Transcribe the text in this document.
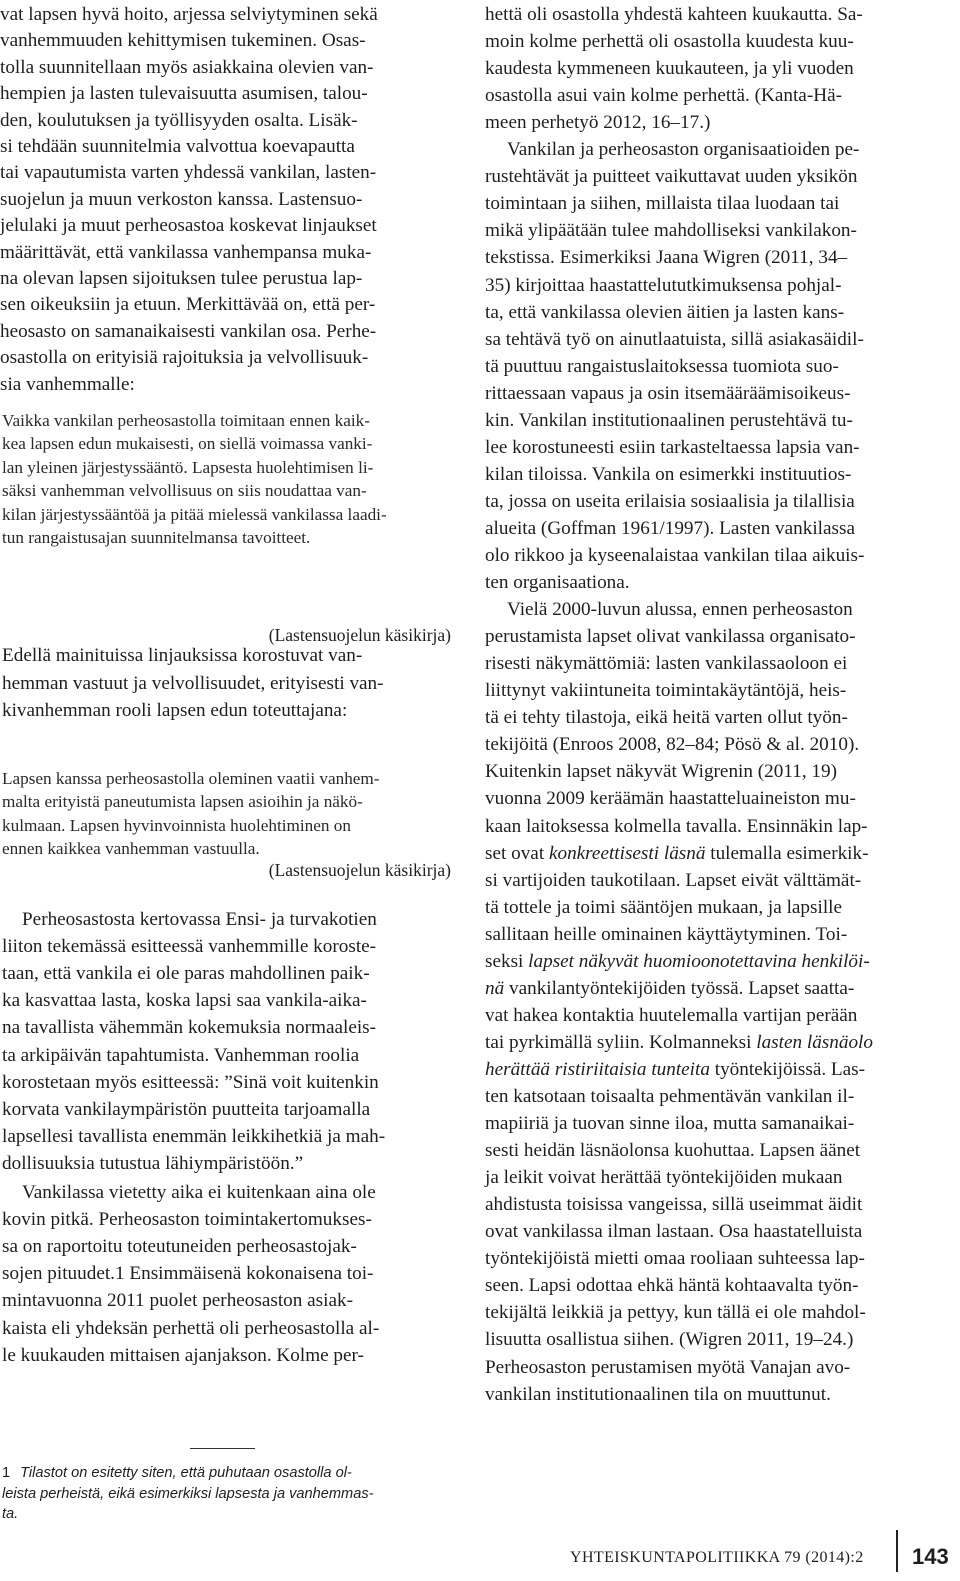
vat lapsen hyvä hoito, arjessa selviytyminen sekä
vanhemmuuden kehittymisen tukeminen. Osas-
tolla suunnitellaan myös asiakkaina olevien van-
hempien ja lasten tulevaisuutta asumisen, talou-
den, koulutuksen ja työllisyyden osalta. Lisäk-
si tehdään suunnitelmia valvottua koevapautta
tai vapautumista varten yhdessä vankilan, lasten-
suojelun ja muun verkoston kanssa. Lastensuo-
jelulaki ja muut perheosastoa koskevat linjaukset
määrittävät, että vankilassa vanhempansa muka-
na olevan lapsen sijoituksen tulee perustua lap-
sen oikeuksiin ja etuun. Merkittävää on, että per-
heosasto on samanaikaisesti vankilan osa. Perhe-
osastolla on erityisiä rajoituksia ja velvollisuuk-
sia vanhemmalle:
Vaikka vankilan perheosastolla toimitaan ennen kaik-
kea lapsen edun mukaisesti, on siellä voimassa vanki-
lan yleinen järjestyssääntö. Lapsesta huolehtimisen li-
säksi vanhemman velvollisuus on siis noudattaa van-
kilan järjestyssääntöä ja pitää mielessä vankilassa laadi-
tun rangaistusajan suunnitelmansa tavoitteet.
(Lastensuojelun käsikirja)
Edellä mainituissa linjauksissa korostuvat van-
hemman vastuut ja velvollisuudet, erityisesti van-
kivanhemman rooli lapsen edun toteuttajana:
Lapsen kanssa perheosastolla oleminen vaatii vanhem-
malta erityistä paneutumista lapsen asioihin ja näkö-
kulmaan. Lapsen hyvinvoinnista huolehtiminen on
ennen kaikkea vanhemman vastuulla.
(Lastensuojelun käsikirja)
Perheosastosta kertovassa Ensi- ja turvakotien
liiton tekemässä esitteessä vanhemmille koroste-
taan, että vankila ei ole paras mahdollinen paik-
ka kasvattaa lasta, koska lapsi saa vankila-aika-
na tavallista vähemmän kokemuksia normaaleis-
ta arkipäivän tapahtumista. Vanhemman roolia
korostetaan myös esitteessä: ”Sinä voit kuitenkin
korvata vankilaympäristön puutteita tarjoamalla
lapsellesi tavallista enemmän leikkihetkiä ja mah-
dollisuuksia tutustua lähiympäristöön.”
Vankilassa vietetty aika ei kuitenkaan aina ole
kovin pitkä. Perheosaston toimintakertomukses-
sa on raportoitu toteutuneiden perheosastojak-
sojen pituudet.1 Ensimmäisenä kokonaisena toi-
mintavuonna 2011 puolet perheosaston asiak-
kaista eli yhdeksän perhettä oli perheosastolla al-
le kuukauden mittaisen ajanjakson. Kolme per-
1 Tilastot on esitetty siten, että puhutaan osastolla ol-
leista perheistä, eikä esimerkiksi lapsesta ja vanhemmas-
ta.
hettä oli osastolla yhdestä kahteen kuukautta. Sa-
moin kolme perhettä oli osastolla kuudesta kuu-
kaudesta kymmeneen kuukauteen, ja yli vuoden
osastolla asui vain kolme perhettä. (Kanta-Hä-
meen perhetyö 2012, 16–17.)
Vankilan ja perheosaston organisaatioiden pe-
rustehtävät ja puitteet vaikuttavat uuden yksikön
toimintaan ja siihen, millaista tilaa luodaan tai
mikä ylipäätään tulee mahdolliseksi vankilakon-
tekstissa. Esimerkiksi Jaana Wigren (2011, 34–
35) kirjoittaa haastattelututkimuksensa pohjal-
ta, että vankilassa olevien äitien ja lasten kans-
sa tehtävä työ on ainutlaatuista, sillä asiakasäidil-
tä puuttuu rangaistuslaitoksessa tuomiota suo-
rittaessaan vapaus ja osin itsemääräämisoikeus-
kin. Vankilan institutionaalinen perustehtävä tu-
lee korostuneesti esiin tarkasteltaessa lapsia van-
kilan tiloissa. Vankila on esimerkki instituutios-
ta, jossa on useita erilaisia sosiaalisia ja tilallisia
alueita (Goffman 1961/1997). Lasten vankilassa
olo rikkoo ja kyseenalaistaa vankilan tilaa aikuis-
ten organisaationa.
Vielä 2000-luvun alussa, ennen perheosaston
perustamista lapset olivat vankilassa organisato-
risesti näkymättömiä: lasten vankilassaoloon ei
liittynyt vakiintuneita toimintakäytäntöjä, heis-
tä ei tehty tilastoja, eikä heitä varten ollut työn-
tekijöitä (Enroos 2008, 82–84; Pösö & al. 2010).
Kuitenkin lapset näkyvät Wigrenin (2011, 19)
vuonna 2009 keräämän haastatteluaineiston mu-
kaan laitoksessa kolmella tavalla. Ensinnäkin lap-
set ovat konkreettisesti läsnä tulemalla esimerkik-
si vartijoiden taukotilaan. Lapset eivät välttämät-
tä tottele ja toimi sääntöjen mukaan, ja lapsille
sallitaan heille ominainen käyttäytyminen. Toi-
seksi lapset näkyvät huomioonotettavina henkilöi-
nä vankilantyöntekijöiden työssä. Lapset saatta-
vat hakea kontaktia huutelemalla vartijan perään
tai pyrkimällä syliin. Kolmanneksi lasten läsnäolo
herättää ristiriitaisia tunteita työntekijöissä. Las-
ten katsotaan toisaalta pehmentävän vankilan il-
mapiiriä ja tuovan sinne iloa, mutta samanaikai-
sesti heidän läsnäolonsa kuohuttaa. Lapsen äänet
ja leikit voivat herättää työntekijöiden mukaan
ahdistusta toisissa vangeissa, sillä useimmat äidit
ovat vankilassa ilman lastaan. Osa haastatelluista
työntekijöistä mietti omaa rooliaan suhteessa lap-
seen. Lapsi odottaa ehkä häntä kohtaavalta työn-
tekijältä leikkiä ja pettyy, kun tällä ei ole mahdol-
lisuutta osallistua siihen. (Wigren 2011, 19–24.)
Perheosaston perustamisen myötä Vanajan avo-
vankilan institutionaalinen tila on muuttunut.
YHTEISKUNTAPOLITIIKKA 79 (2014):2 143
